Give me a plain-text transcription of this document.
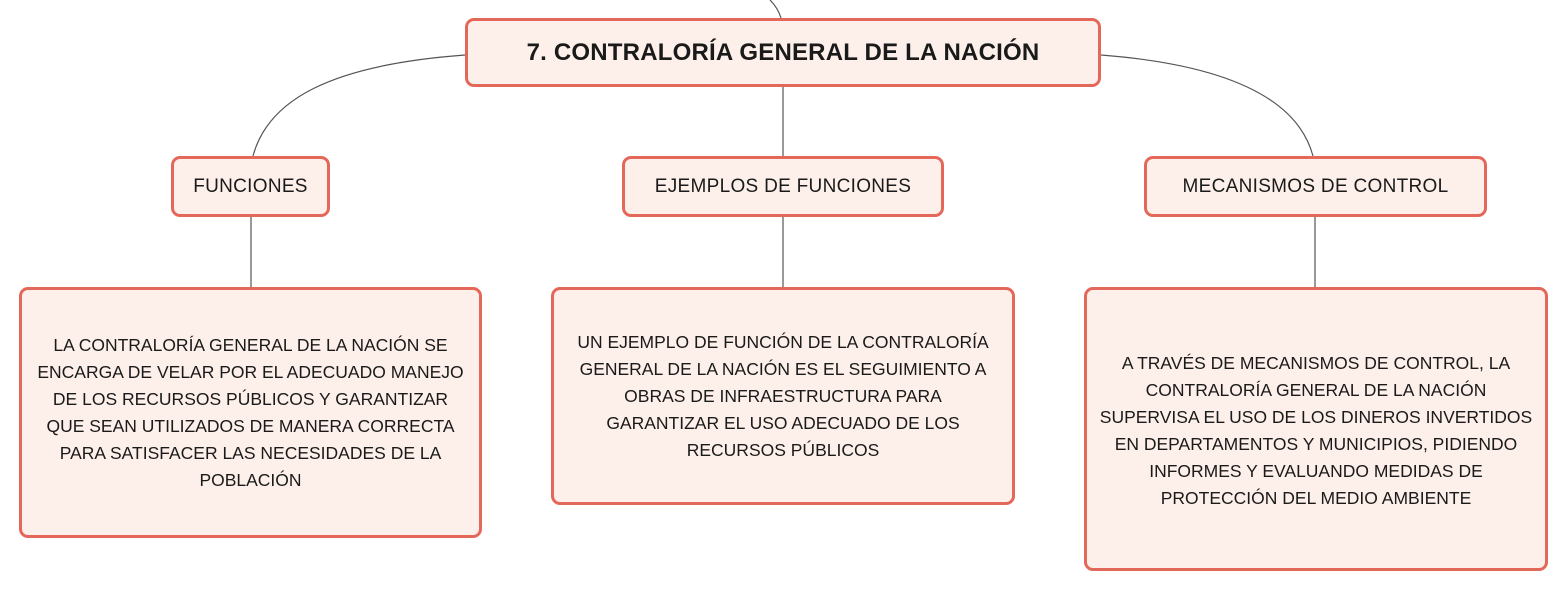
7. CONTRALORÍA GENERAL DE LA NACIÓN
FUNCIONES	EJEMPLOS DE FUNCIONES	MECANISMOS DE CONTROL
LA CONTRALORÍA GENERAL DE LA NACIÓN SE ENCARGA DE VELAR POR EL ADECUADO MANEJO DE LOS RECURSOS PÚBLICOS Y GARANTIZAR QUE SEAN UTILIZADOS DE MANERA CORRECTA PARA SATISFACER LAS NECESIDADES DE LA POBLACIÓN
UN EJEMPLO DE FUNCIÓN DE LA CONTRALORÍA GENERAL DE LA NACIÓN ES EL SEGUIMIENTO A OBRAS DE INFRAESTRUCTURA PARA GARANTIZAR EL USO ADECUADO DE LOS RECURSOS PÚBLICOS
A TRAVÉS DE MECANISMOS DE CONTROL, LA CONTRALORÍA GENERAL DE LA NACIÓN SUPERVISA EL USO DE LOS DINEROS INVERTIDOS EN DEPARTAMENTOS Y MUNICIPIOS, PIDIENDO INFORMES Y EVALUANDO MEDIDAS DE PROTECCIÓN DEL MEDIO AMBIENTE
